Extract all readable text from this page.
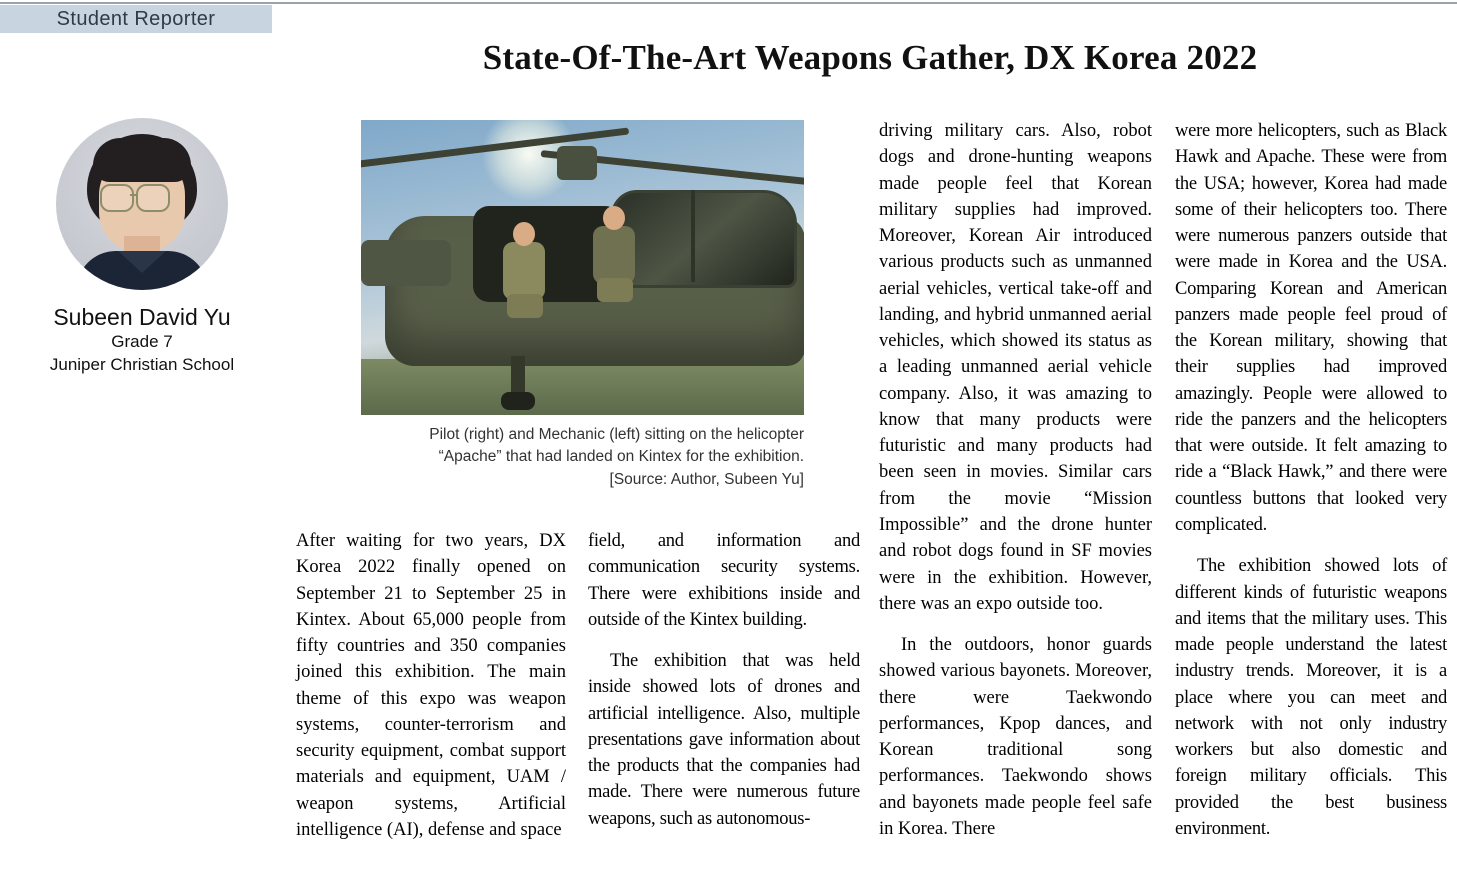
Student Reporter
State-Of-The-Art Weapons Gather, DX Korea 2022
Subeen David Yu
Grade 7
Juniper Christian School
Pilot (right) and Mechanic (left) sitting on the helicopter
“Apache” that had landed on Kintex for the exhibition.
[Source: Author, Subeen Yu]

After waiting for two years, DX Korea 2022 finally opened on September 21 to September 25 in Kintex. About 65,000 people from fifty countries and 350 companies joined this exhibition. The main theme of this expo was weapon systems, counter-terrorism and security equipment, combat support materials and equipment, UAM / weapon systems, Artificial intelligence (AI), defense and space

field, and information and communication security systems. There were exhibitions inside and outside of the Kintex building.

The exhibition that was held inside showed lots of drones and artificial intelligence. Also, multiple presentations gave information about the products that the companies had made. There were numerous future weapons, such as autonomous-

driving military cars. Also, robot dogs and drone-hunting weapons made people feel that Korean military supplies had improved. Moreover, Korean Air introduced various products such as unmanned aerial vehicles, vertical take-off and landing, and hybrid unmanned aerial vehicles, which showed its status as a leading unmanned aerial vehicle company. Also, it was amazing to know that many products were futuristic and many products had been seen in movies. Similar cars from the movie “Mission Impossible” and the drone hunter and robot dogs found in SF movies were in the exhibition. However, there was an expo outside too.

In the outdoors, honor guards showed various bayonets. Moreover, there were Taekwondo performances, Kpop dances, and Korean traditional song performances. Taekwondo shows and bayonets made people feel safe in Korea. There

were more helicopters, such as Black Hawk and Apache. These were from the USA; however, Korea had made some of their helicopters too. There were numerous panzers outside that were made in Korea and the USA. Comparing Korean and American panzers made people feel proud of the Korean military, showing that their supplies had improved amazingly. People were allowed to ride the panzers and the helicopters that were outside. It felt amazing to ride a “Black Hawk,” and there were countless buttons that looked very complicated.

The exhibition showed lots of different kinds of futuristic weapons and items that the military uses. This made people understand the latest industry trends. Moreover, it is a place where you can meet and network with not only industry workers but also domestic and foreign military officials. This provided the best business environment.
